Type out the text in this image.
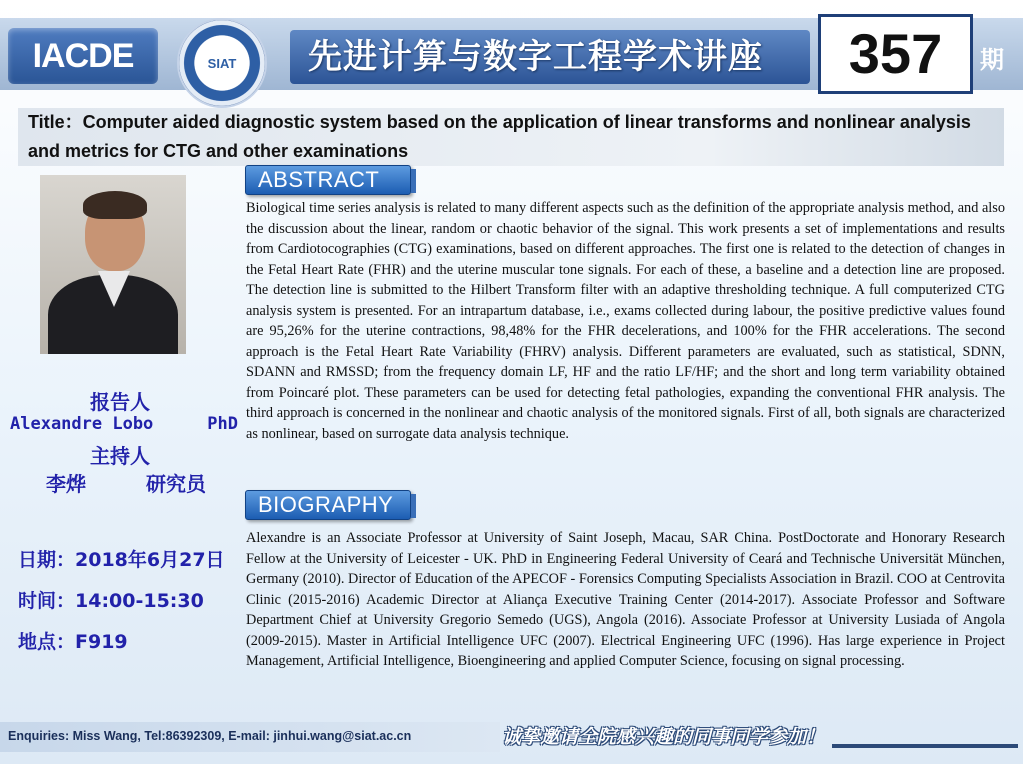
IACDE	SIAT	先进计算与数字工程学术讲座	357	期
Title：Computer aided diagnostic system based on the application of linear transforms and nonlinear analysis and metrics for CTG and other examinations
报告人
Alexandre Lobo	PhD
主持人
李烨	研究员
日期：2018年6月27日
时间：14:00-15:30
地点：F919
ABSTRACT
Biological time series analysis is related to many different aspects such as the definition of the appropriate analysis method, and also the discussion about the linear, random or chaotic behavior of the signal. This work presents a set of implementations and results from Cardiotocographies (CTG) examinations, based on different approaches. The first one is related to the detection of changes in the Fetal Heart Rate (FHR) and the uterine muscular tone signals. For each of these, a baseline and a detection line are proposed. The detection line is submitted to the Hilbert Transform filter with an adaptive thresholding technique. A full computerized CTG analysis system is presented. For an intrapartum database, i.e., exams collected during labour, the positive predictive values found are 95,26% for the uterine contractions, 98,48% for the FHR decelerations, and 100% for the FHR accelerations. The second approach is the Fetal Heart Rate Variability (FHRV) analysis. Different parameters are evaluated, such as statistical, SDNN, SDANN and RMSSD; from the frequency domain LF, HF and the ratio LF/HF; and the short and long term variability obtained from Poincaré plot. These parameters can be used for detecting fetal pathologies, expanding the conventional FHR analysis. The third approach is concerned in the nonlinear and chaotic analysis of the monitored signals. First of all, both signals are characterized as nonlinear, based on surrogate data analysis technique.
BIOGRAPHY
Alexandre is an Associate Professor at University of Saint Joseph, Macau, SAR China. PostDoctorate and Honorary Research Fellow at the University of Leicester - UK. PhD in Engineering Federal University of Ceará and Technische Universität München, Germany (2010). Director of Education of the APECOF - Forensics Computing Specialists Association in Brazil. COO at Centrovita Clinic (2015-2016) Academic Director at Aliança Executive Training Center (2014-2017). Associate Professor and Software Department Chief at University Gregorio Semedo (UGS), Angola (2016). Associate Professor at University Lusiada of Angola (2009-2015). Master in Artificial Intelligence UFC (2007). Electrical Engineering UFC (1996). Has large experience in Project Management, Artificial Intelligence, Bioengineering and applied Computer Science, focusing on signal processing.
Enquiries: Miss Wang, Tel:86392309, E-mail: jinhui.wang@siat.ac.cn	诚挚邀请全院感兴趣的同事同学参加！
